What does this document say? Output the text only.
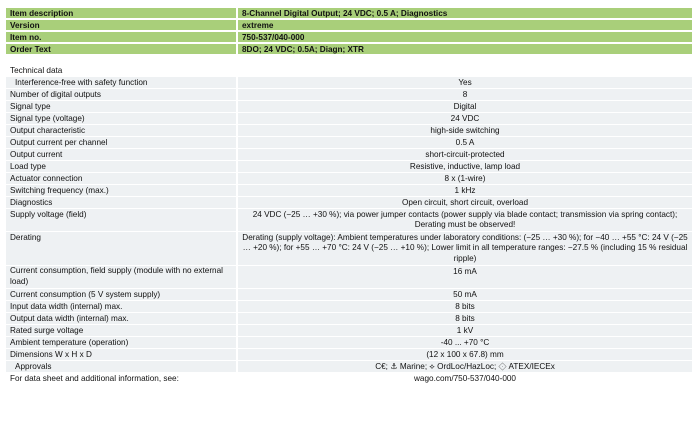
Item description	8-Channel Digital Output; 24 VDC; 0.5 A; Diagnostics
Version	extreme
Item no.	750-537/040-000
Order Text	8DO; 24 VDC; 0.5A; Diagn; XTR
Technical data	
Interference-free with safety function	Yes
Number of digital outputs	8
Signal type	Digital
Signal type (voltage)	24 VDC
Output characteristic	high-side switching
Output current per channel	0.5 A
Output current	short-circuit-protected
Load type	Resistive, inductive, lamp load
Actuator connection	8 x (1-wire)
Switching frequency (max.)	1 kHz
Diagnostics	Open circuit, short circuit, overload
Supply voltage (field)	24 VDC (−25 … +30 %); via power jumper contacts (power supply via blade contact; transmission via spring contact); Derating must be observed!
Derating	Derating (supply voltage): Ambient temperatures under laboratory conditions: (−25 … +30 %); for −40 … +55 °C: 24 V (−25 … +20 %); for +55 … +70 °C: 24 V (−25 … +10 %); Lower limit in all temperature ranges: −27.5 % (including 15 % residual ripple)
Current consumption, field supply (module with no external load)	16 mA
Current consumption (5 V system supply)	50 mA
Input data width (internal) max.	8 bits
Output data width (internal) max.	8 bits
Rated surge voltage	1 kV
Ambient temperature (operation)	-40 ... +70 °C
Dimensions W x H x D	(12 x 100 x 67.8) mm
Approvals	C€; ⚓ Marine; ⟡ OrdLoc/HazLoc; ⟐ ATEX/IECEx
For data sheet and additional information, see:	wago.com/750-537/040-000
